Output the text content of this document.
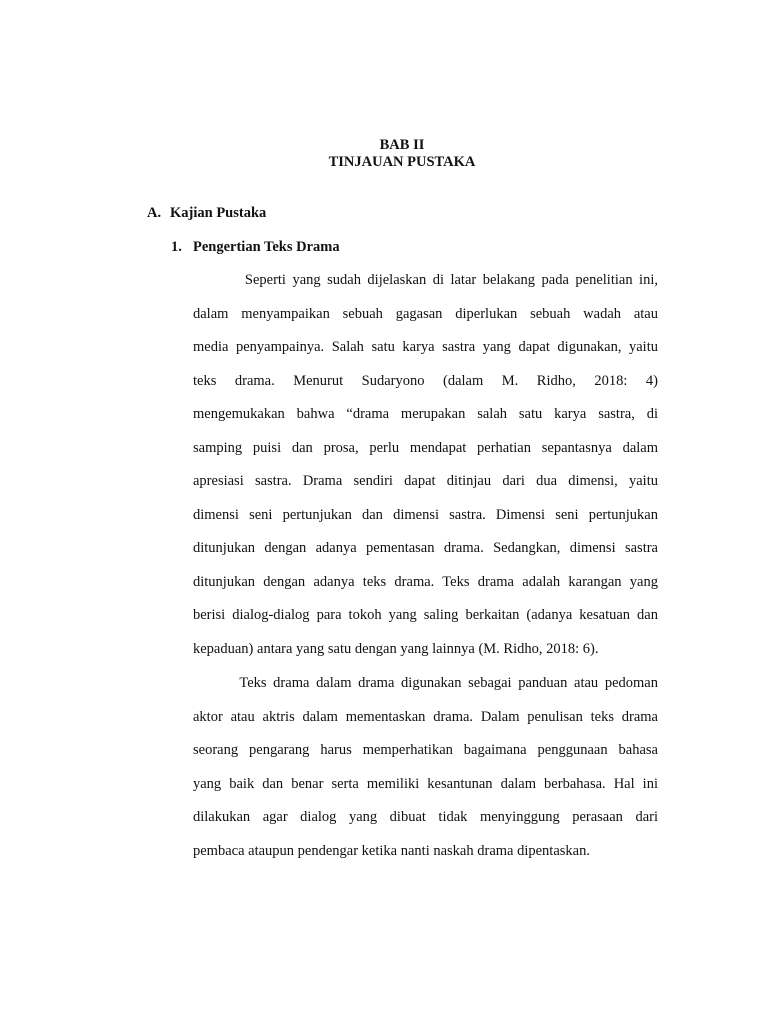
BAB II
TINJAUAN PUSTAKA
A. Kajian Pustaka
1. Pengertian Teks Drama
Seperti yang sudah dijelaskan di latar belakang pada penelitian ini,
dalam menyampaikan sebuah gagasan diperlukan sebuah wadah atau
media penyampainya. Salah satu karya sastra yang dapat digunakan, yaitu
teks drama. Menurut Sudaryono (dalam M. Ridho, 2018: 4)
mengemukakan bahwa “drama merupakan salah satu karya sastra, di
samping puisi dan prosa, perlu mendapat perhatian sepantasnya dalam
apresiasi sastra. Drama sendiri dapat ditinjau dari dua dimensi, yaitu
dimensi seni pertunjukan dan dimensi sastra. Dimensi seni pertunjukan
ditunjukan dengan adanya pementasan drama. Sedangkan, dimensi sastra
ditunjukan dengan adanya teks drama. Teks drama adalah karangan yang
berisi dialog-dialog para tokoh yang saling berkaitan (adanya kesatuan dan
kepaduan) antara yang satu dengan yang lainnya (M. Ridho, 2018: 6).
Teks drama dalam drama digunakan sebagai panduan atau pedoman
aktor atau aktris dalam mementaskan drama. Dalam penulisan teks drama
seorang pengarang harus memperhatikan bagaimana penggunaan bahasa
yang baik dan benar serta memiliki kesantunan dalam berbahasa. Hal ini
dilakukan agar dialog yang dibuat tidak menyinggung perasaan dari
pembaca ataupun pendengar ketika nanti naskah drama dipentaskan.
